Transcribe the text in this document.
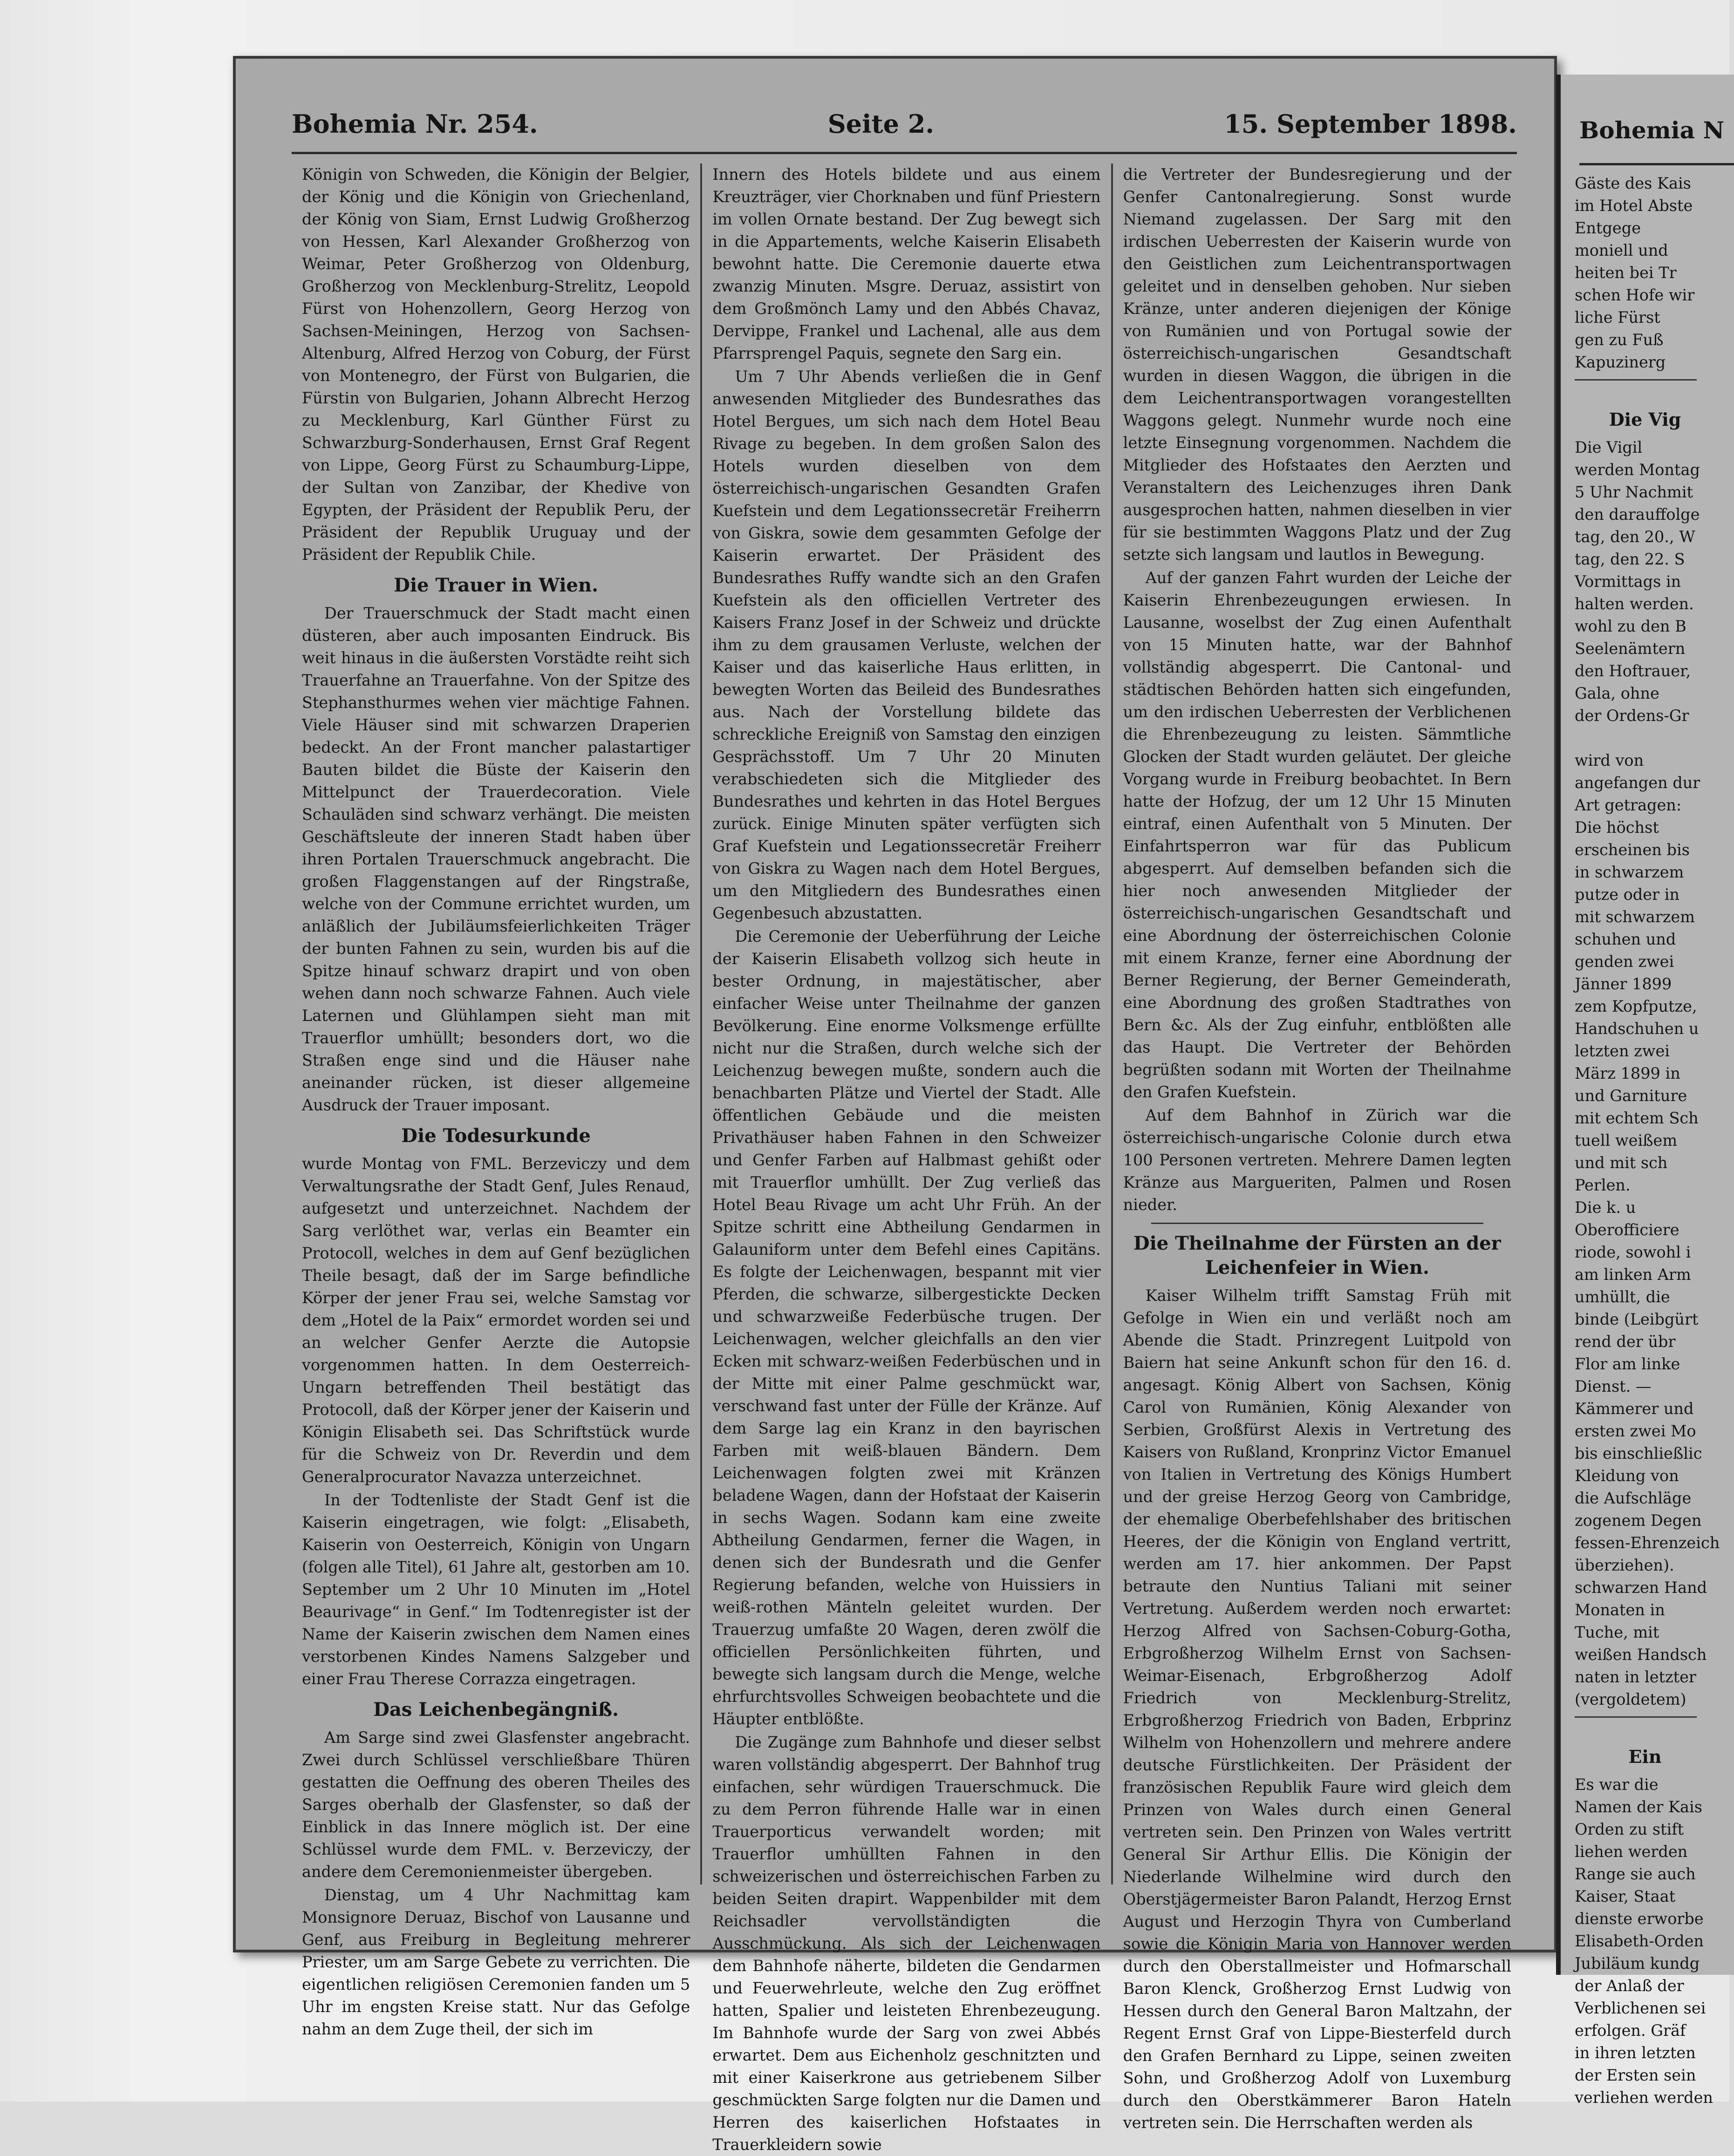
Bohemia Nr. 254.	Seite 2.	15. September 1898.

Königin von Schweden, die Königin der Belgier, der König und die Königin von Griechenland, der König von Siam, Ernst Ludwig Großherzog von Hessen, Karl Alexander Großherzog von Weimar, Peter Großherzog von Oldenburg, Großherzog von Mecklenburg-Strelitz, Leopold Fürst von Hohenzollern, Georg Herzog von Sachsen-Meiningen, Herzog von Sachsen-Altenburg, Alfred Herzog von Coburg, der Fürst von Montenegro, der Fürst von Bulgarien, die Fürstin von Bulgarien, Johann Albrecht Herzog zu Mecklenburg, Karl Günther Fürst zu Schwarzburg-Sonderhausen, Ernst Graf Regent von Lippe, Georg Fürst zu Schaumburg-Lippe, der Sultan von Zanzibar, der Khedive von Egypten, der Präsident der Republik Peru, der Präsident der Republik Uruguay und der Präsident der Republik Chile.

Die Trauer in Wien.

Der Trauerschmuck der Stadt macht einen düsteren, aber auch imposanten Eindruck. Bis weit hinaus in die äußersten Vorstädte reiht sich Trauerfahne an Trauerfahne. Von der Spitze des Stephansthurmes wehen vier mächtige Fahnen. Viele Häuser sind mit schwarzen Draperien bedeckt. An der Front mancher palastartiger Bauten bildet die Büste der Kaiserin den Mittelpunct der Trauerdecoration. Viele Schauläden sind schwarz verhängt. Die meisten Geschäftsleute der inneren Stadt haben über ihren Portalen Trauerschmuck angebracht. Die großen Flaggenstangen auf der Ringstraße, welche von der Commune errichtet wurden, um anläßlich der Jubiläumsfeierlichkeiten Träger der bunten Fahnen zu sein, wurden bis auf die Spitze hinauf schwarz drapirt und von oben wehen dann noch schwarze Fahnen. Auch viele Laternen und Glühlampen sieht man mit Trauerflor umhüllt; besonders dort, wo die Straßen enge sind und die Häuser nahe aneinander rücken, ist dieser allgemeine Ausdruck der Trauer imposant.

Die Todesurkunde

wurde Montag von FML. Berzeviczy und dem Verwaltungsrathe der Stadt Genf, Jules Renaud, aufgesetzt und unterzeichnet. Nachdem der Sarg verlöthet war, verlas ein Beamter ein Protocoll, welches in dem auf Genf bezüglichen Theile besagt, daß der im Sarge befindliche Körper der jener Frau sei, welche Samstag vor dem „Hotel de la Paix“ ermordet worden sei und an welcher Genfer Aerzte die Autopsie vorgenommen hatten. In dem Oesterreich-Ungarn betreffenden Theil bestätigt das Protocoll, daß der Körper jener der Kaiserin und Königin Elisabeth sei. Das Schriftstück wurde für die Schweiz von Dr. Reverdin und dem Generalprocurator Navazza unterzeichnet.

In der Todtenliste der Stadt Genf ist die Kaiserin eingetragen, wie folgt: „Elisabeth, Kaiserin von Oesterreich, Königin von Ungarn (folgen alle Titel), 61 Jahre alt, gestorben am 10. September um 2 Uhr 10 Minuten im „Hotel Beaurivage“ in Genf.“ Im Todtenregister ist der Name der Kaiserin zwischen dem Namen eines verstorbenen Kindes Namens Salzgeber und einer Frau Therese Corrazza eingetragen.

Das Leichenbegängniß.

Am Sarge sind zwei Glasfenster angebracht. Zwei durch Schlüssel verschließbare Thüren gestatten die Oeffnung des oberen Theiles des Sarges oberhalb der Glasfenster, so daß der Einblick in das Innere möglich ist. Der eine Schlüssel wurde dem FML. v. Berzeviczy, der andere dem Ceremonienmeister übergeben.

Dienstag, um 4 Uhr Nachmittag kam Monsignore Deruaz, Bischof von Lausanne und Genf, aus Freiburg in Begleitung mehrerer Priester, um am Sarge Gebete zu verrichten. Die eigentlichen religiösen Ceremonien fanden um 5 Uhr im engsten Kreise statt. Nur das Gefolge nahm an dem Zuge theil, der sich im

Innern des Hotels bildete und aus einem Kreuzträger, vier Chorknaben und fünf Priestern im vollen Ornate bestand. Der Zug bewegt sich in die Appartements, welche Kaiserin Elisabeth bewohnt hatte. Die Ceremonie dauerte etwa zwanzig Minuten. Msgre. Deruaz, assistirt von dem Großmönch Lamy und den Abbés Chavaz, Dervippe, Frankel und Lachenal, alle aus dem Pfarrsprengel Paquis, segnete den Sarg ein.

Um 7 Uhr Abends verließen die in Genf anwesenden Mitglieder des Bundesrathes das Hotel Bergues, um sich nach dem Hotel Beau Rivage zu begeben. In dem großen Salon des Hotels wurden dieselben von dem österreichisch-ungarischen Gesandten Grafen Kuefstein und dem Legationssecretär Freiherrn von Giskra, sowie dem gesammten Gefolge der Kaiserin erwartet. Der Präsident des Bundesrathes Ruffy wandte sich an den Grafen Kuefstein als den officiellen Vertreter des Kaisers Franz Josef in der Schweiz und drückte ihm zu dem grausamen Verluste, welchen der Kaiser und das kaiserliche Haus erlitten, in bewegten Worten das Beileid des Bundesrathes aus. Nach der Vorstellung bildete das schreckliche Ereigniß von Samstag den einzigen Gesprächsstoff. Um 7 Uhr 20 Minuten verabschiedeten sich die Mitglieder des Bundesrathes und kehrten in das Hotel Bergues zurück. Einige Minuten später verfügten sich Graf Kuefstein und Legationssecretär Freiherr von Giskra zu Wagen nach dem Hotel Bergues, um den Mitgliedern des Bundesrathes einen Gegenbesuch abzustatten.

Die Ceremonie der Ueberführung der Leiche der Kaiserin Elisabeth vollzog sich heute in bester Ordnung, in majestätischer, aber einfacher Weise unter Theilnahme der ganzen Bevölkerung. Eine enorme Volksmenge erfüllte nicht nur die Straßen, durch welche sich der Leichenzug bewegen mußte, sondern auch die benachbarten Plätze und Viertel der Stadt. Alle öffentlichen Gebäude und die meisten Privathäuser haben Fahnen in den Schweizer und Genfer Farben auf Halbmast gehißt oder mit Trauerflor umhüllt. Der Zug verließ das Hotel Beau Rivage um acht Uhr Früh. An der Spitze schritt eine Abtheilung Gendarmen in Galauniform unter dem Befehl eines Capitäns. Es folgte der Leichenwagen, bespannt mit vier Pferden, die schwarze, silbergestickte Decken und schwarzweiße Federbüsche trugen. Der Leichenwagen, welcher gleichfalls an den vier Ecken mit schwarz-weißen Federbüschen und in der Mitte mit einer Palme geschmückt war, verschwand fast unter der Fülle der Kränze. Auf dem Sarge lag ein Kranz in den bayrischen Farben mit weiß-blauen Bändern. Dem Leichenwagen folgten zwei mit Kränzen beladene Wagen, dann der Hofstaat der Kaiserin in sechs Wagen. Sodann kam eine zweite Abtheilung Gendarmen, ferner die Wagen, in denen sich der Bundesrath und die Genfer Regierung befanden, welche von Huissiers in weiß-rothen Mänteln geleitet wurden. Der Trauerzug umfaßte 20 Wagen, deren zwölf die officiellen Persönlichkeiten führten, und bewegte sich langsam durch die Menge, welche ehrfurchtsvolles Schweigen beobachtete und die Häupter entblößte.

Die Zugänge zum Bahnhofe und dieser selbst waren vollständig abgesperrt. Der Bahnhof trug einfachen, sehr würdigen Trauerschmuck. Die zu dem Perron führende Halle war in einen Trauerporticus verwandelt worden; mit Trauerflor umhüllten Fahnen in den schweizerischen und österreichischen Farben zu beiden Seiten drapirt. Wappenbilder mit dem Reichsadler vervollständigten die Ausschmückung. Als sich der Leichenwagen dem Bahnhofe näherte, bildeten die Gendarmen und Feuerwehrleute, welche den Zug eröffnet hatten, Spalier und leisteten Ehrenbezeugung. Im Bahnhofe wurde der Sarg von zwei Abbés erwartet. Dem aus Eichenholz geschnitzten und mit einer Kaiserkrone aus getriebenem Silber geschmückten Sarge folgten nur die Damen und Herren des kaiserlichen Hofstaates in Trauerkleidern sowie

die Vertreter der Bundesregierung und der Genfer Cantonalregierung. Sonst wurde Niemand zugelassen. Der Sarg mit den irdischen Ueberresten der Kaiserin wurde von den Geistlichen zum Leichentransportwagen geleitet und in denselben gehoben. Nur sieben Kränze, unter anderen diejenigen der Könige von Rumänien und von Portugal sowie der österreichisch-ungarischen Gesandtschaft wurden in diesen Waggon, die übrigen in die dem Leichentransportwagen vorangestellten Waggons gelegt. Nunmehr wurde noch eine letzte Einsegnung vorgenommen. Nachdem die Mitglieder des Hofstaates den Aerzten und Veranstaltern des Leichenzuges ihren Dank ausgesprochen hatten, nahmen dieselben in vier für sie bestimmten Waggons Platz und der Zug setzte sich langsam und lautlos in Bewegung.

Auf der ganzen Fahrt wurden der Leiche der Kaiserin Ehrenbezeugungen erwiesen. In Lausanne, woselbst der Zug einen Aufenthalt von 15 Minuten hatte, war der Bahnhof vollständig abgesperrt. Die Cantonal- und städtischen Behörden hatten sich eingefunden, um den irdischen Ueberresten der Verblichenen die Ehrenbezeugung zu leisten. Sämmtliche Glocken der Stadt wurden geläutet. Der gleiche Vorgang wurde in Freiburg beobachtet. In Bern hatte der Hofzug, der um 12 Uhr 15 Minuten eintraf, einen Aufenthalt von 5 Minuten. Der Einfahrtsperron war für das Publicum abgesperrt. Auf demselben befanden sich die hier noch anwesenden Mitglieder der österreichisch-ungarischen Gesandtschaft und eine Abordnung der österreichischen Colonie mit einem Kranze, ferner eine Abordnung der Berner Regierung, der Berner Gemeinderath, eine Abordnung des großen Stadtrathes von Bern &c. Als der Zug einfuhr, entblößten alle das Haupt. Die Vertreter der Behörden begrüßten sodann mit Worten der Theilnahme den Grafen Kuefstein.

Auf dem Bahnhof in Zürich war die österreichisch-ungarische Colonie durch etwa 100 Personen vertreten. Mehrere Damen legten Kränze aus Margueriten, Palmen und Rosen nieder.

Die Theilnahme der Fürsten an der Leichenfeier in Wien.

Kaiser Wilhelm trifft Samstag Früh mit Gefolge in Wien ein und verläßt noch am Abende die Stadt. Prinzregent Luitpold von Baiern hat seine Ankunft schon für den 16. d. angesagt. König Albert von Sachsen, König Carol von Rumänien, König Alexander von Serbien, Großfürst Alexis in Vertretung des Kaisers von Rußland, Kronprinz Victor Emanuel von Italien in Vertretung des Königs Humbert und der greise Herzog Georg von Cambridge, der ehemalige Oberbefehlshaber des britischen Heeres, der die Königin von England vertritt, werden am 17. hier ankommen. Der Papst betraute den Nuntius Taliani mit seiner Vertretung. Außerdem werden noch erwartet: Herzog Alfred von Sachsen-Coburg-Gotha, Erbgroßherzog Wilhelm Ernst von Sachsen-Weimar-Eisenach, Erbgroßherzog Adolf Friedrich von Mecklenburg-Strelitz, Erbgroßherzog Friedrich von Baden, Erbprinz Wilhelm von Hohenzollern und mehrere andere deutsche Fürstlichkeiten. Der Präsident der französischen Republik Faure wird gleich dem Prinzen von Wales durch einen General vertreten sein. Den Prinzen von Wales vertritt General Sir Arthur Ellis. Die Königin der Niederlande Wilhelmine wird durch den Oberstjägermeister Baron Palandt, Herzog Ernst August und Herzogin Thyra von Cumberland sowie die Königin Maria von Hannover werden durch den Oberstallmeister und Hofmarschall Baron Klenck, Großherzog Ernst Ludwig von Hessen durch den General Baron Maltzahn, der Regent Ernst Graf von Lippe-Biesterfeld durch den Grafen Bernhard zu Lippe, seinen zweiten Sohn, und Großherzog Adolf von Luxemburg durch den Oberstkämmerer Baron Hateln vertreten sein. Die Herrschaften werden als

Bohemia N
Gäste des Kais
im Hotel Abste
Entgege
moniell und
heiten bei Tr
schen Hofe wir
liche Fürst
gen zu Fuß
Kapuzinerg
Die Vig
Die Vigil
werden Montag
5 Uhr Nachmit
den darauffolge
tag, den 20., W
tag, den 22. S
Vormittags in
halten werden.
wohl zu den B
Seelenämtern
den Hoftrauer,
Gala, ohne
der Ordens-Gr
wird von
angefangen dur
Art getragen:
Die höchst
erscheinen bis
in schwarzem
putze oder in
mit schwarzem
schuhen und
genden zwei
Jänner 1899
zem Kopfputze,
Handschuhen u
letzten zwei
März 1899 in
und Garniture
mit echtem Sch
tuell weißem
und mit sch
Perlen.
Die k. u
Oberofficiere
riode, sowohl i
am linken Arm
umhüllt, die
binde (Leibgürt
rend der übr
Flor am linke
Dienst. —
Kämmerer und
ersten zwei Mo
bis einschließlic
Kleidung von
die Aufschläge
zogenem Degen
fessen-Ehrenzeich
überziehen).
schwarzen Hand
Monaten in
Tuche, mit
weißen Handsch
naten in letzter
(vergoldetem)
Ein
Es war die
Namen der Kais
Orden zu stift
liehen werden
Range sie auch
Kaiser, Staat
dienste erworbe
Elisabeth-Orden
Jubiläum kundg
der Anlaß der
Verblichenen sei
erfolgen. Gräf
in ihren letzten
der Ersten sein
verliehen werden
